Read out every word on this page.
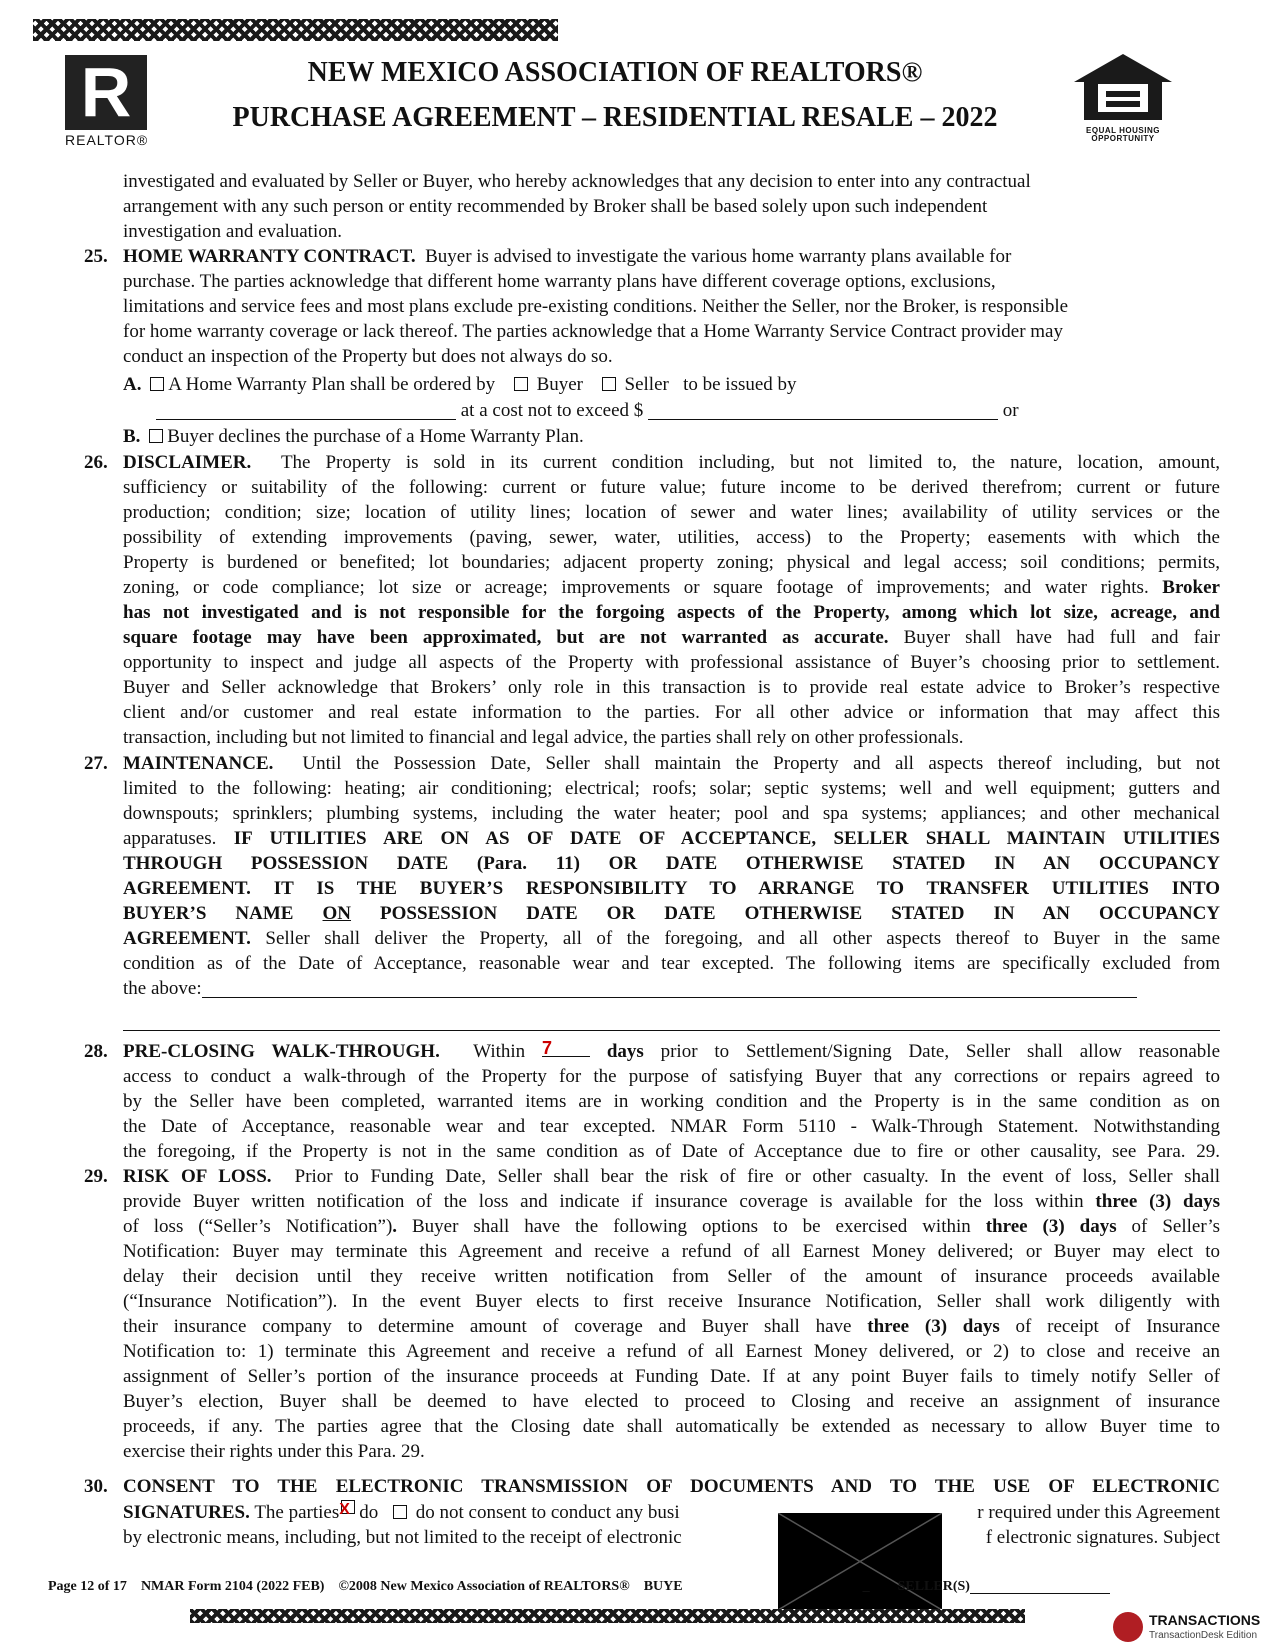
R
REALTOR®
NEW MEXICO ASSOCIATION OF REALTORS®
PURCHASE AGREEMENT – RESIDENTIAL RESALE – 2022	EQUAL HOUSING
OPPORTUNITY
investigated and evaluated by Seller or Buyer, who hereby acknowledges that any decision to enter into any contractual
arrangement with any such person or entity recommended by Broker shall be based solely upon such independent
investigation and evaluation.
25. HOME WARRANTY CONTRACT. Buyer is advised to investigate the various home warranty plans available for
purchase. The parties acknowledge that different home warranty plans have different coverage options, exclusions,
limitations and service fees and most plans exclude pre-existing conditions. Neither the Seller, nor the Broker, is responsible
for home warranty coverage or lack thereof. The parties acknowledge that a Home Warranty Service Contract provider may
conduct an inspection of the Property but does not always do so.
A. A Home Warranty Plan shall be ordered by Buyer Seller to be issued by
at a cost not to exceed $	or
B. Buyer declines the purchase of a Home Warranty Plan.
26. DISCLAIMER. The Property is sold in its current condition including, but not limited to, the nature, location, amount,
sufficiency or suitability of the following: current or future value; future income to be derived therefrom; current or future
production; condition; size; location of utility lines; location of sewer and water lines; availability of utility services or the
possibility of extending improvements (paving, sewer, water, utilities, access) to the Property; easements with which the
Property is burdened or benefited; lot boundaries; adjacent property zoning; physical and legal access; soil conditions; permits,
zoning, or code compliance; lot size or acreage; improvements or square footage of improvements; and water rights. Broker
has not investigated and is not responsible for the forgoing aspects of the Property, among which lot size, acreage, and
square footage may have been approximated, but are not warranted as accurate. Buyer shall have had full and fair
opportunity to inspect and judge all aspects of the Property with professional assistance of Buyer’s choosing prior to settlement.
Buyer and Seller acknowledge that Brokers’ only role in this transaction is to provide real estate advice to Broker’s respective
client and/or customer and real estate information to the parties. For all other advice or information that may affect this
transaction, including but not limited to financial and legal advice, the parties shall rely on other professionals.
27. MAINTENANCE. Until the Possession Date, Seller shall maintain the Property and all aspects thereof including, but not
limited to the following: heating; air conditioning; electrical; roofs; solar; septic systems; well and well equipment; gutters and
downspouts; sprinklers; plumbing systems, including the water heater; pool and spa systems; appliances; and other mechanical
apparatuses. IF UTILITIES ARE ON AS OF DATE OF ACCEPTANCE, SELLER SHALL MAINTAIN UTILITIES
THROUGH POSSESSION DATE (Para. 11) OR DATE OTHERWISE STATED IN AN OCCUPANCY
AGREEMENT. IT IS THE BUYER’S RESPONSIBILITY TO ARRANGE TO TRANSFER UTILITIES INTO
BUYER’S NAME ON POSSESSION DATE OR DATE OTHERWISE STATED IN AN OCCUPANCY
AGREEMENT. Seller shall deliver the Property, all of the foregoing, and all other aspects thereof to Buyer in the same
condition as of the Date of Acceptance, reasonable wear and tear excepted. The following items are specifically excluded from
the above:
28. PRE-CLOSING WALK-THROUGH. Within 7	days prior to Settlement/Signing Date, Seller shall allow reasonable
access to conduct a walk-through of the Property for the purpose of satisfying Buyer that any corrections or repairs agreed to
by the Seller have been completed, warranted items are in working condition and the Property is in the same condition as on
the Date of Acceptance, reasonable wear and tear excepted. NMAR Form 5110 - Walk-Through Statement. Notwithstanding
the foregoing, if the Property is not in the same condition as of Date of Acceptance due to fire or other causality, see Para. 29.
29. RISK OF LOSS. Prior to Funding Date, Seller shall bear the risk of fire or other casualty. In the event of loss, Seller shall
provide Buyer written notification of the loss and indicate if insurance coverage is available for the loss within three (3) days
of loss (“Seller’s Notification”). Buyer shall have the following options to be exercised within three (3) days of Seller’s
Notification: Buyer may terminate this Agreement and receive a refund of all Earnest Money delivered; or Buyer may elect to
delay their decision until they receive written notification from Seller of the amount of insurance proceeds available
(“Insurance Notification”). In the event Buyer elects to first receive Insurance Notification, Seller shall work diligently with
their insurance company to determine amount of coverage and Buyer shall have three (3) days of receipt of Insurance
Notification to: 1) terminate this Agreement and receive a refund of all Earnest Money delivered, or 2) to close and receive an
assignment of Seller’s portion of the insurance proceeds at Funding Date. If at any point Buyer fails to timely notify Seller of
Buyer’s election, Buyer shall be deemed to have elected to proceed to Closing and receive an assignment of insurance
proceeds, if any. The parties agree that the Closing date shall automatically be extended as necessary to allow Buyer time to
exercise their rights under this Para. 29.
30. CONSENT TO THE ELECTRONIC TRANSMISSION OF DOCUMENTS AND TO THE USE OF ELECTRONIC
SIGNATURES. The parties$^X$ do do not consent to conduct any busi	r required under this Agreement
by electronic means, including, but not limited to the receipt of electronic	f electronic signatures. Subject
Page 12 of 17 NMAR Form 2104 (2022 FEB) ©2008 New Mexico Association of REALTORS® BUYE	_ SELLER(S)
TRANSACTIONS
TransactionDesk Edition
